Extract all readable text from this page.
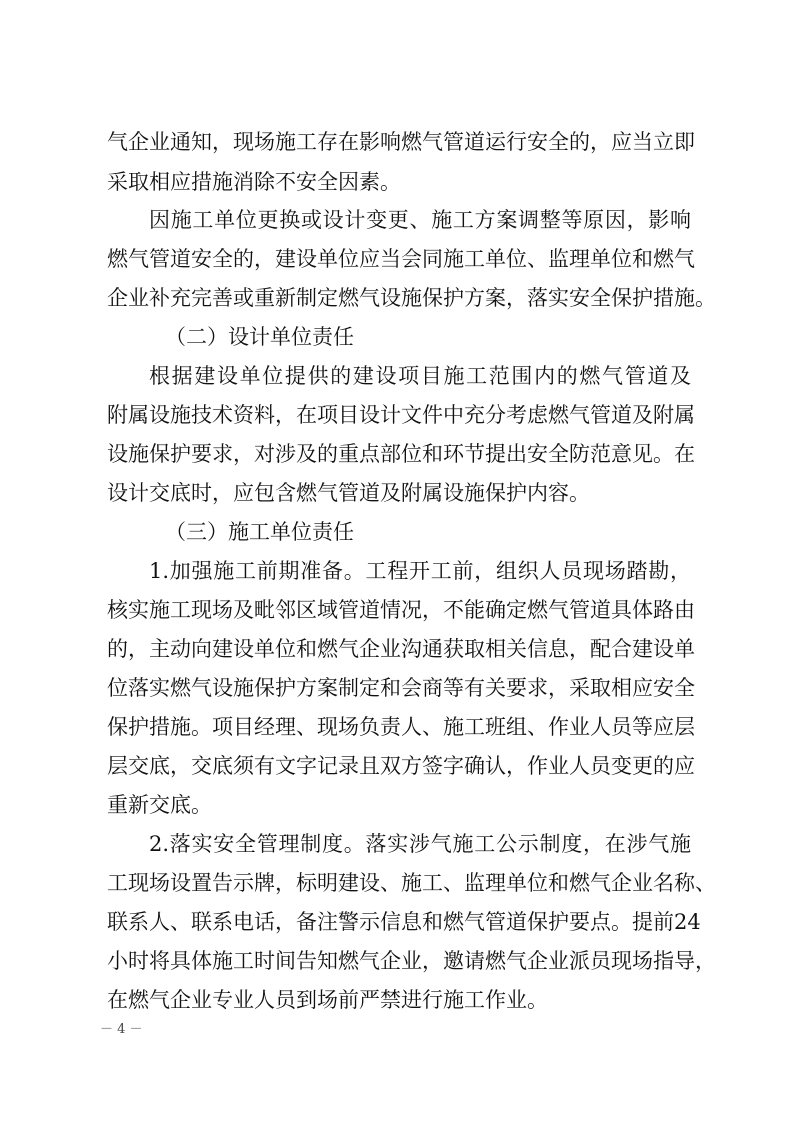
气企业通知，现场施工存在影响燃气管道运行安全的，应当立即
采取相应措施消除不安全因素。
因施工单位更换或设计变更、施工方案调整等原因，影响
燃气管道安全的，建设单位应当会同施工单位、监理单位和燃气
企业补充完善或重新制定燃气设施保护方案，落实安全保护措施。
（二）设计单位责任
根据建设单位提供的建设项目施工范围内的燃气管道及
附属设施技术资料，在项目设计文件中充分考虑燃气管道及附属
设施保护要求，对涉及的重点部位和环节提出安全防范意见。在
设计交底时，应包含燃气管道及附属设施保护内容。
（三）施工单位责任
1.加强施工前期准备。工程开工前，组织人员现场踏勘，
核实施工现场及毗邻区域管道情况，不能确定燃气管道具体路由
的，主动向建设单位和燃气企业沟通获取相关信息，配合建设单
位落实燃气设施保护方案制定和会商等有关要求，采取相应安全
保护措施。项目经理、现场负责人、施工班组、作业人员等应层
层交底，交底须有文字记录且双方签字确认，作业人员变更的应
重新交底。
2.落实安全管理制度。落实涉气施工公示制度，在涉气施
工现场设置告示牌，标明建设、施工、监理单位和燃气企业名称、
联系人、联系电话，备注警示信息和燃气管道保护要点。提前24
小时将具体施工时间告知燃气企业，邀请燃气企业派员现场指导，
在燃气企业专业人员到场前严禁进行施工作业。
－ 4 －
